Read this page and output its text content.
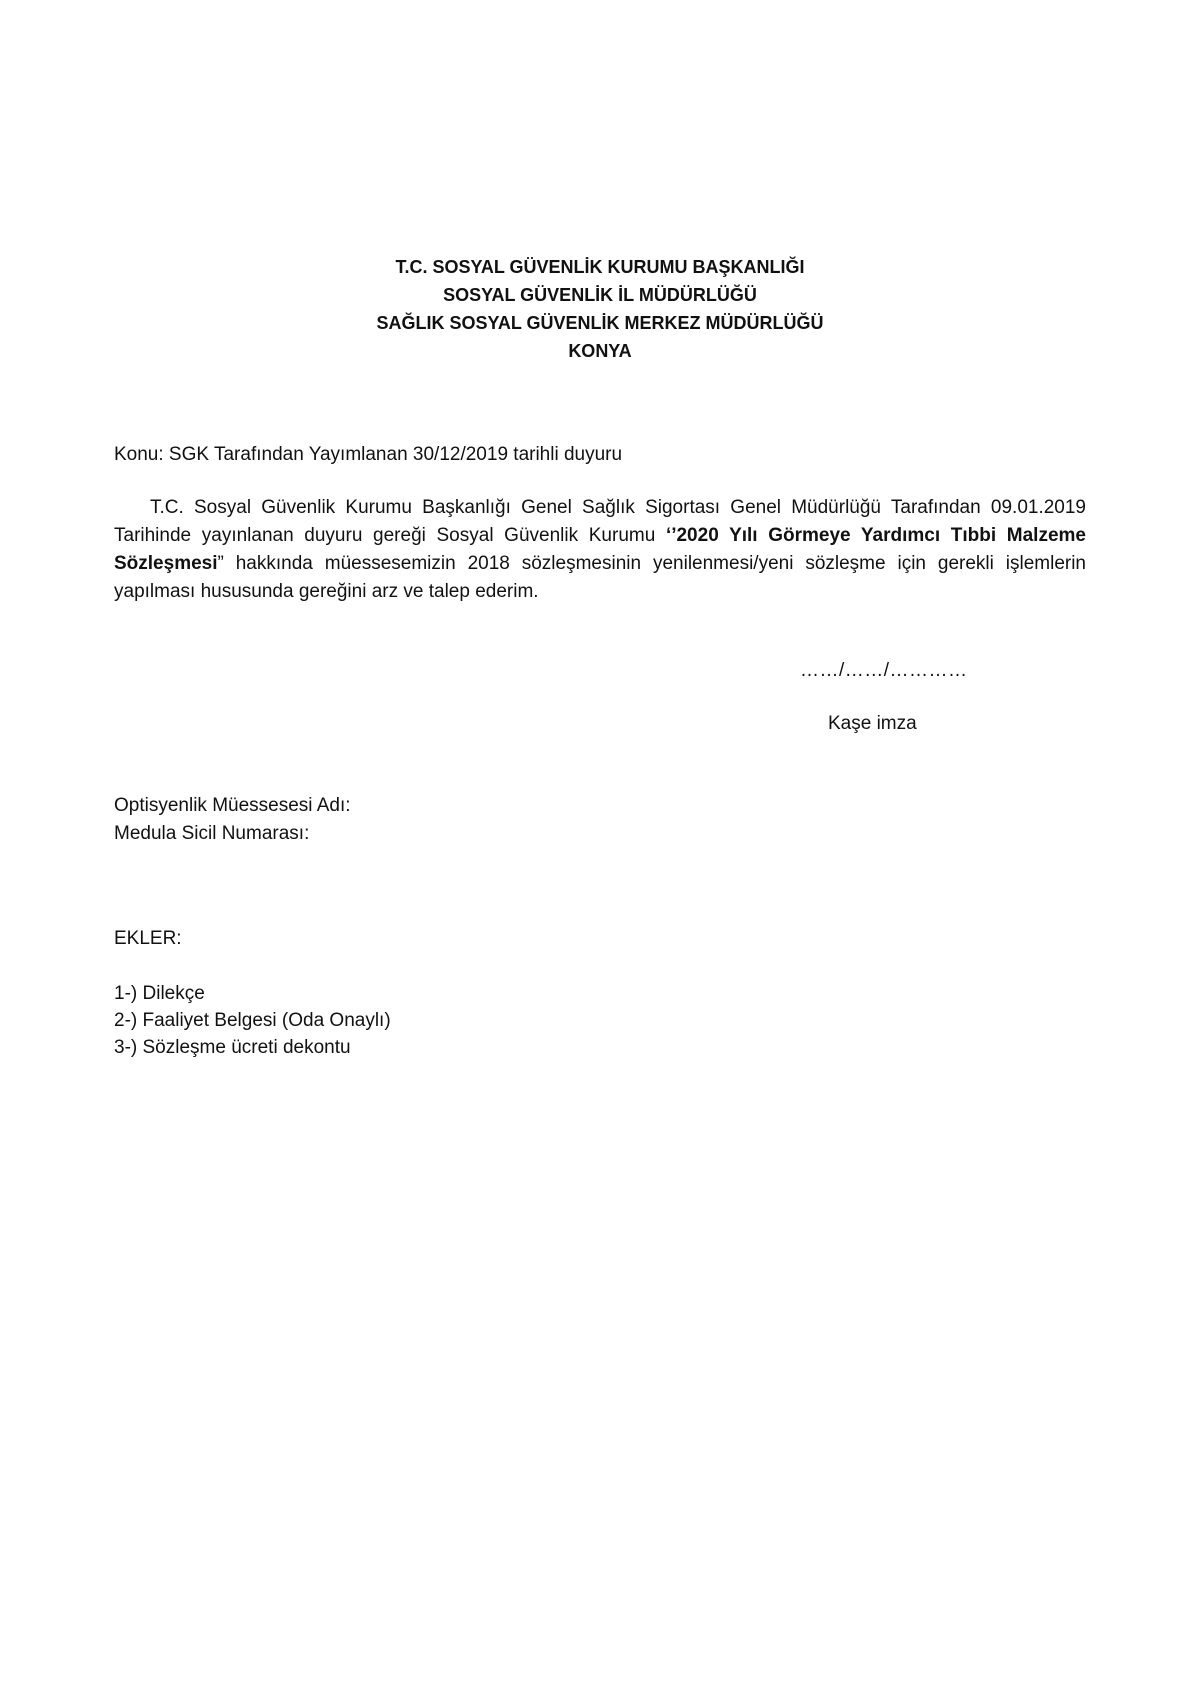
T.C. SOSYAL GÜVENLİK KURUMU BAŞKANLIĞI
SOSYAL GÜVENLİK İL MÜDÜRLÜĞÜ
SAĞLIK SOSYAL GÜVENLİK MERKEZ MÜDÜRLÜĞÜ
KONYA
Konu: SGK Tarafından Yayımlanan 30/12/2019 tarihli duyuru
T.C. Sosyal Güvenlik Kurumu Başkanlığı Genel Sağlık Sigortası Genel Müdürlüğü Tarafından 09.01.2019 Tarihinde yayınlanan duyuru gereği Sosyal Güvenlik Kurumu ‘’2020 Yılı Görmeye Yardımcı Tıbbi Malzeme Sözleşmesi” hakkında müessesemizin 2018 sözleşmesinin yenilenmesi/yeni sözleşme için gerekli işlemlerin yapılması hususunda gereğini arz ve talep ederim.
……/……/…………
Kaşe imza
Optisyenlik Müessesesi Adı:
Medula Sicil Numarası:
EKLER:
1-) Dilekçe
2-) Faaliyet Belgesi (Oda Onaylı)
3-) Sözleşme ücreti dekontu
